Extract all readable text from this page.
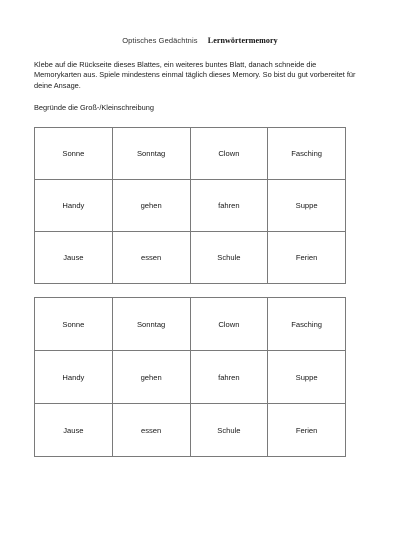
Optisches Gedächtnis Lernwörtermemory

Klebe auf die Rückseite dieses Blattes, ein weiteres buntes Blatt, danach schneide die Memorykarten aus. Spiele mindestens einmal täglich dieses Memory. So bist du gut vorbereitet für deine Ansage.

Begründe die Groß-/Kleinschreibung
Sonne	Sonntag	Clown	Fasching
Handy	gehen	fahren	Suppe
Jause	essen	Schule	Ferien
Sonne	Sonntag	Clown	Fasching
Handy	gehen	fahren	Suppe
Jause	essen	Schule	Ferien
